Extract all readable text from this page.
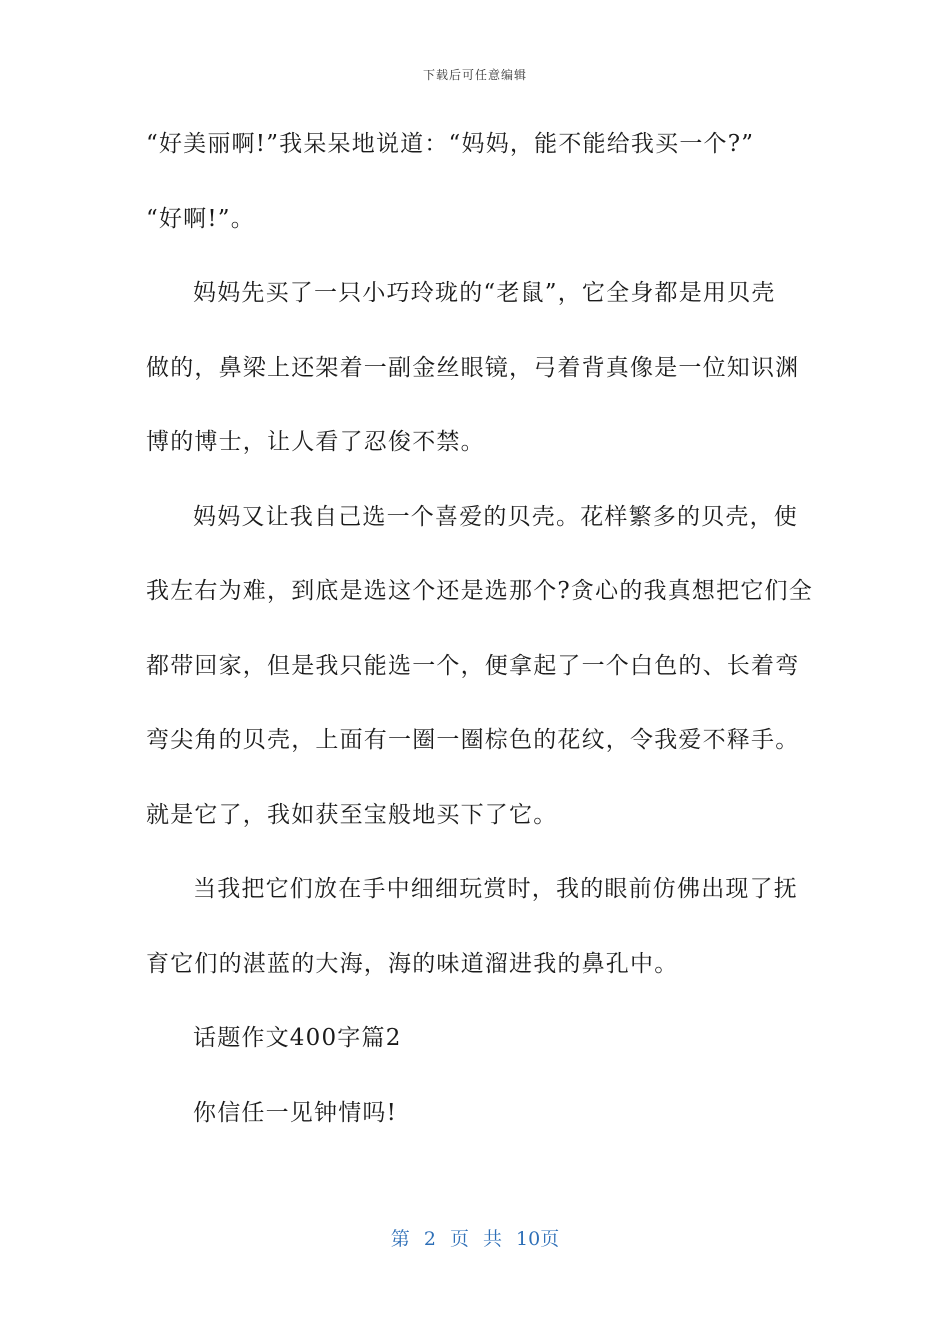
下载后可任意编辑
“好美丽啊!”我呆呆地说道：“妈妈，能不能给我买一个?”
“好啊!”。
妈妈先买了一只小巧玲珑的“老鼠”，它全身都是用贝壳
做的，鼻梁上还架着一副金丝眼镜，弓着背真像是一位知识渊
博的博士，让人看了忍俊不禁。
妈妈又让我自己选一个喜爱的贝壳。花样繁多的贝壳，使
我左右为难，到底是选这个还是选那个?贪心的我真想把它们全
都带回家，但是我只能选一个，便拿起了一个白色的、长着弯
弯尖角的贝壳，上面有一圈一圈棕色的花纹，令我爱不释手。
就是它了，我如获至宝般地买下了它。
当我把它们放在手中细细玩赏时，我的眼前仿佛出现了抚
育它们的湛蓝的大海，海的味道溜进我的鼻孔中。
话题作文400字篇2
你信任一见钟情吗!
第 2 页 共 10页
